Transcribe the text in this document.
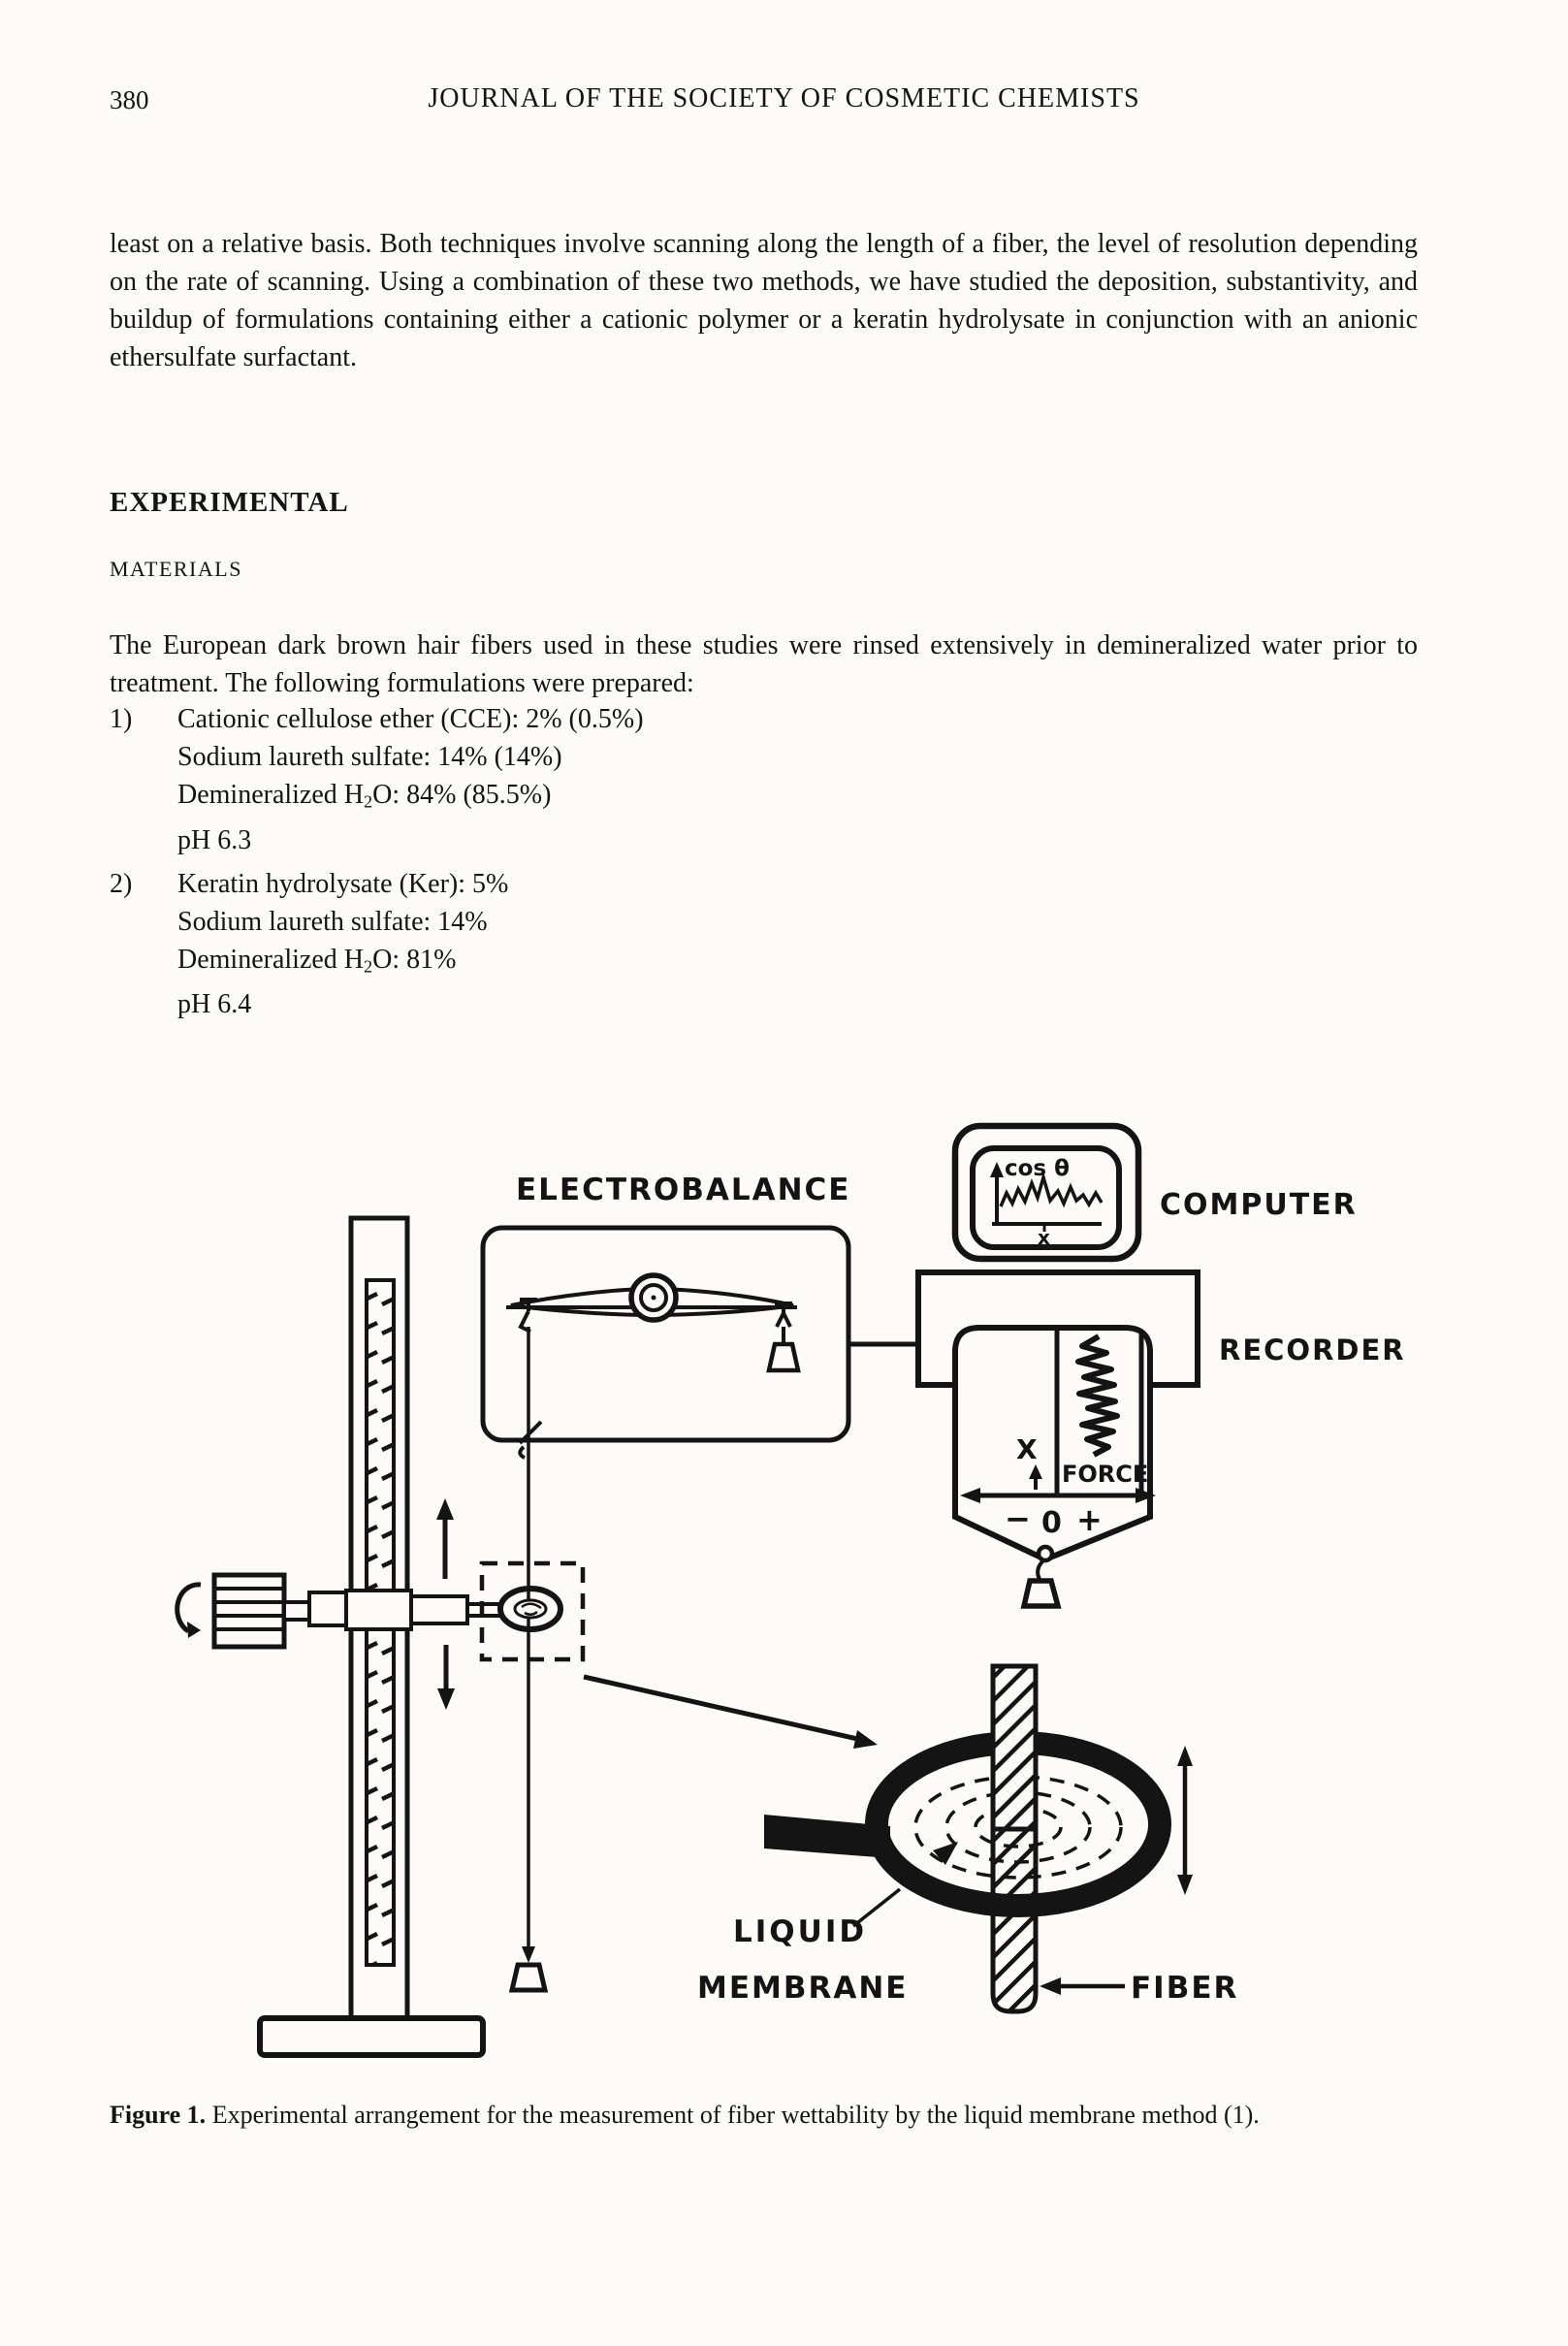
380	JOURNAL OF THE SOCIETY OF COSMETIC CHEMISTS

least on a relative basis. Both techniques involve scanning along the length of a fiber, the level of resolution depending on the rate of scanning. Using a combination of these two methods, we have studied the deposition, substantivity, and buildup of formulations containing either a cationic polymer or a keratin hydrolysate in conjunction with an anionic ethersulfate surfactant.

EXPERIMENTAL
MATERIALS

The European dark brown hair fibers used in these studies were rinsed extensively in demineralized water prior to treatment. The following formulations were prepared:

1)	Cationic cellulose ether (CCE): 2% (0.5%)
Sodium laureth sulfate: 14% (14%)
Demineralized $H_2O$: 84% (85.5%)
pH 6.3
2)	Keratin hydrolysate (Ker): 5%
Sodium laureth sulfate: 14%
Demineralized $H_2O$: 81%
pH 6.4
cos θ
x
X
FORCE
− 0 +
LIQUID
MEMBRANE	FIBER
ELECTROBALANCE	COMPUTER
RECORDER

Figure 1. Experimental arrangement for the measurement of fiber wettability by the liquid membrane method (1).
